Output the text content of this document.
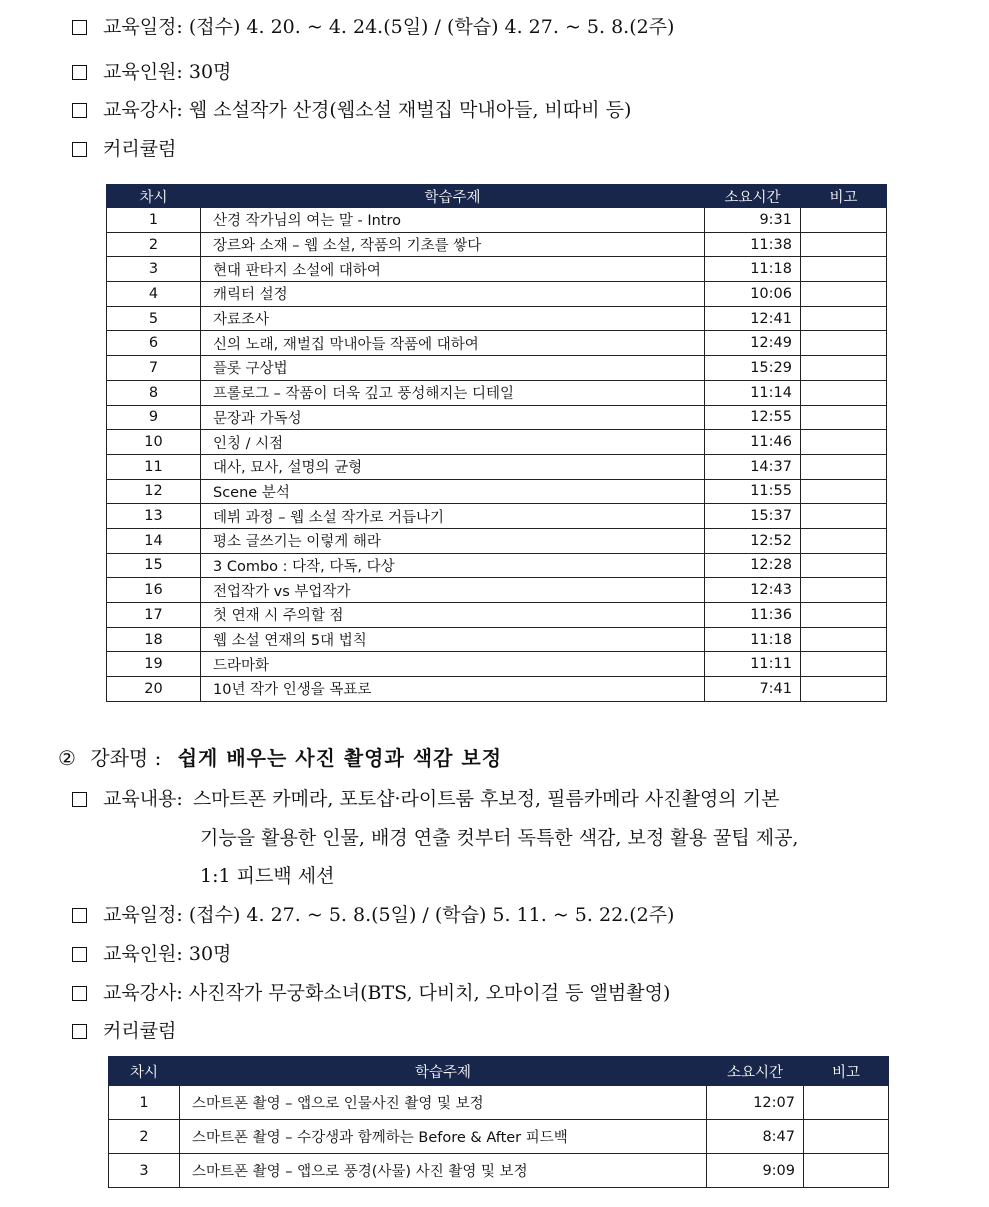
교육일정: (접수) 4. 20. ~ 4. 24.(5일) / (학습) 4. 27. ~ 5. 8.(2주)
교육인원: 30명
교육강사: 웹 소설작가 산경(웹소설 재벌집 막내아들, 비따비 등)
커리큘럼
차시	학습주제	소요시간	비고
1	산경 작가님의 여는 말 - Intro	9:31	
2	장르와 소재 – 웹 소설, 작품의 기초를 쌓다	11:38	
3	현대 판타지 소설에 대하여	11:18	
4	캐릭터 설정	10:06	
5	자료조사	12:41	
6	신의 노래, 재벌집 막내아들 작품에 대하여	12:49	
7	플롯 구상법	15:29	
8	프롤로그 – 작품이 더욱 깊고 풍성해지는 디테일	11:14	
9	문장과 가독성	12:55	
10	인칭 / 시점	11:46	
11	대사, 묘사, 설명의 균형	14:37	
12	Scene 분석	11:55	
13	데뷔 과정 – 웹 소설 작가로 거듭나기	15:37	
14	평소 글쓰기는 이렇게 해라	12:52	
15	3 Combo : 다작, 다독, 다상	12:28	
16	전업작가 vs 부업작가	12:43	
17	첫 연재 시 주의할 점	11:36	
18	웹 소설 연재의 5대 법칙	11:18	
19	드라마화	11:11	
20	10년 작가 인생을 목표로	7:41	
② 강좌명 : 쉽게 배우는 사진 촬영과 색감 보정
교육내용: 스마트폰 카메라, 포토샵·라이트룸 후보정, 필름카메라 사진촬영의 기본
기능을 활용한 인물, 배경 연출 컷부터 독특한 색감, 보정 활용 꿀팁 제공,
1:1 피드백 세션
교육일정: (접수) 4. 27. ~ 5. 8.(5일) / (학습) 5. 11. ~ 5. 22.(2주)
교육인원: 30명
교육강사: 사진작가 무궁화소녀(BTS, 다비치, 오마이걸 등 앨범촬영)
커리큘럼
차시	학습주제	소요시간	비고
1	스마트폰 촬영 – 앱으로 인물사진 촬영 및 보정	12:07	
2	스마트폰 촬영 – 수강생과 함께하는 Before & After 피드백	8:47	
3	스마트폰 촬영 – 앱으로 풍경(사물) 사진 촬영 및 보정	9:09	
